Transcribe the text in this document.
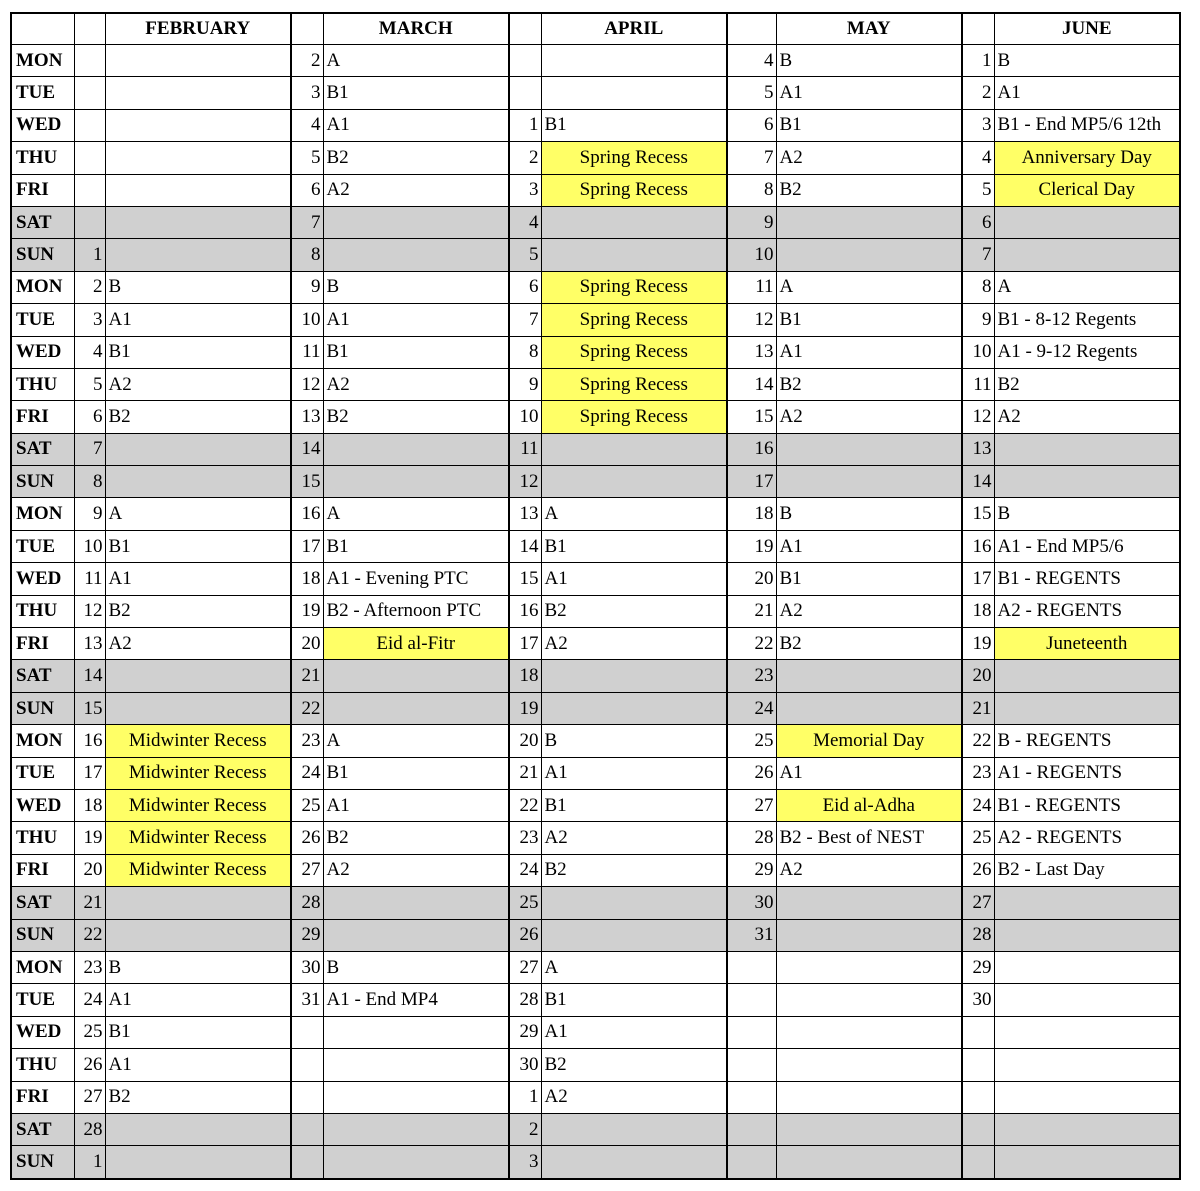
		FEBRUARY		MARCH		APRIL		MAY		JUNE
MON			2	A			4	B	1	B
TUE			3	B1			5	A1	2	A1
WED			4	A1	1	B1	6	B1	3	B1 - End MP5/6 12th
THU			5	B2	2	Spring Recess	7	A2	4	Anniversary Day
FRI			6	A2	3	Spring Recess	8	B2	5	Clerical Day
SAT			7		4		9		6	
SUN	1		8		5		10		7	
MON	2	B	9	B	6	Spring Recess	11	A	8	A
TUE	3	A1	10	A1	7	Spring Recess	12	B1	9	B1 - 8-12 Regents
WED	4	B1	11	B1	8	Spring Recess	13	A1	10	A1 - 9-12 Regents
THU	5	A2	12	A2	9	Spring Recess	14	B2	11	B2
FRI	6	B2	13	B2	10	Spring Recess	15	A2	12	A2
SAT	7		14		11		16		13	
SUN	8		15		12		17		14	
MON	9	A	16	A	13	A	18	B	15	B
TUE	10	B1	17	B1	14	B1	19	A1	16	A1 - End MP5/6
WED	11	A1	18	A1 - Evening PTC	15	A1	20	B1	17	B1 - REGENTS
THU	12	B2	19	B2 - Afternoon PTC	16	B2	21	A2	18	A2 - REGENTS
FRI	13	A2	20	Eid al-Fitr	17	A2	22	B2	19	Juneteenth
SAT	14		21		18		23		20	
SUN	15		22		19		24		21	
MON	16	Midwinter Recess	23	A	20	B	25	Memorial Day	22	B - REGENTS
TUE	17	Midwinter Recess	24	B1	21	A1	26	A1	23	A1 - REGENTS
WED	18	Midwinter Recess	25	A1	22	B1	27	Eid al-Adha	24	B1 - REGENTS
THU	19	Midwinter Recess	26	B2	23	A2	28	B2 - Best of NEST	25	A2 - REGENTS
FRI	20	Midwinter Recess	27	A2	24	B2	29	A2	26	B2 - Last Day
SAT	21		28		25		30		27	
SUN	22		29		26		31		28	
MON	23	B	30	B	27	A			29	
TUE	24	A1	31	A1 - End MP4	28	B1			30	
WED	25	B1			29	A1				
THU	26	A1			30	B2				
FRI	27	B2			1	A2				
SAT	28				2					
SUN	1				3					
